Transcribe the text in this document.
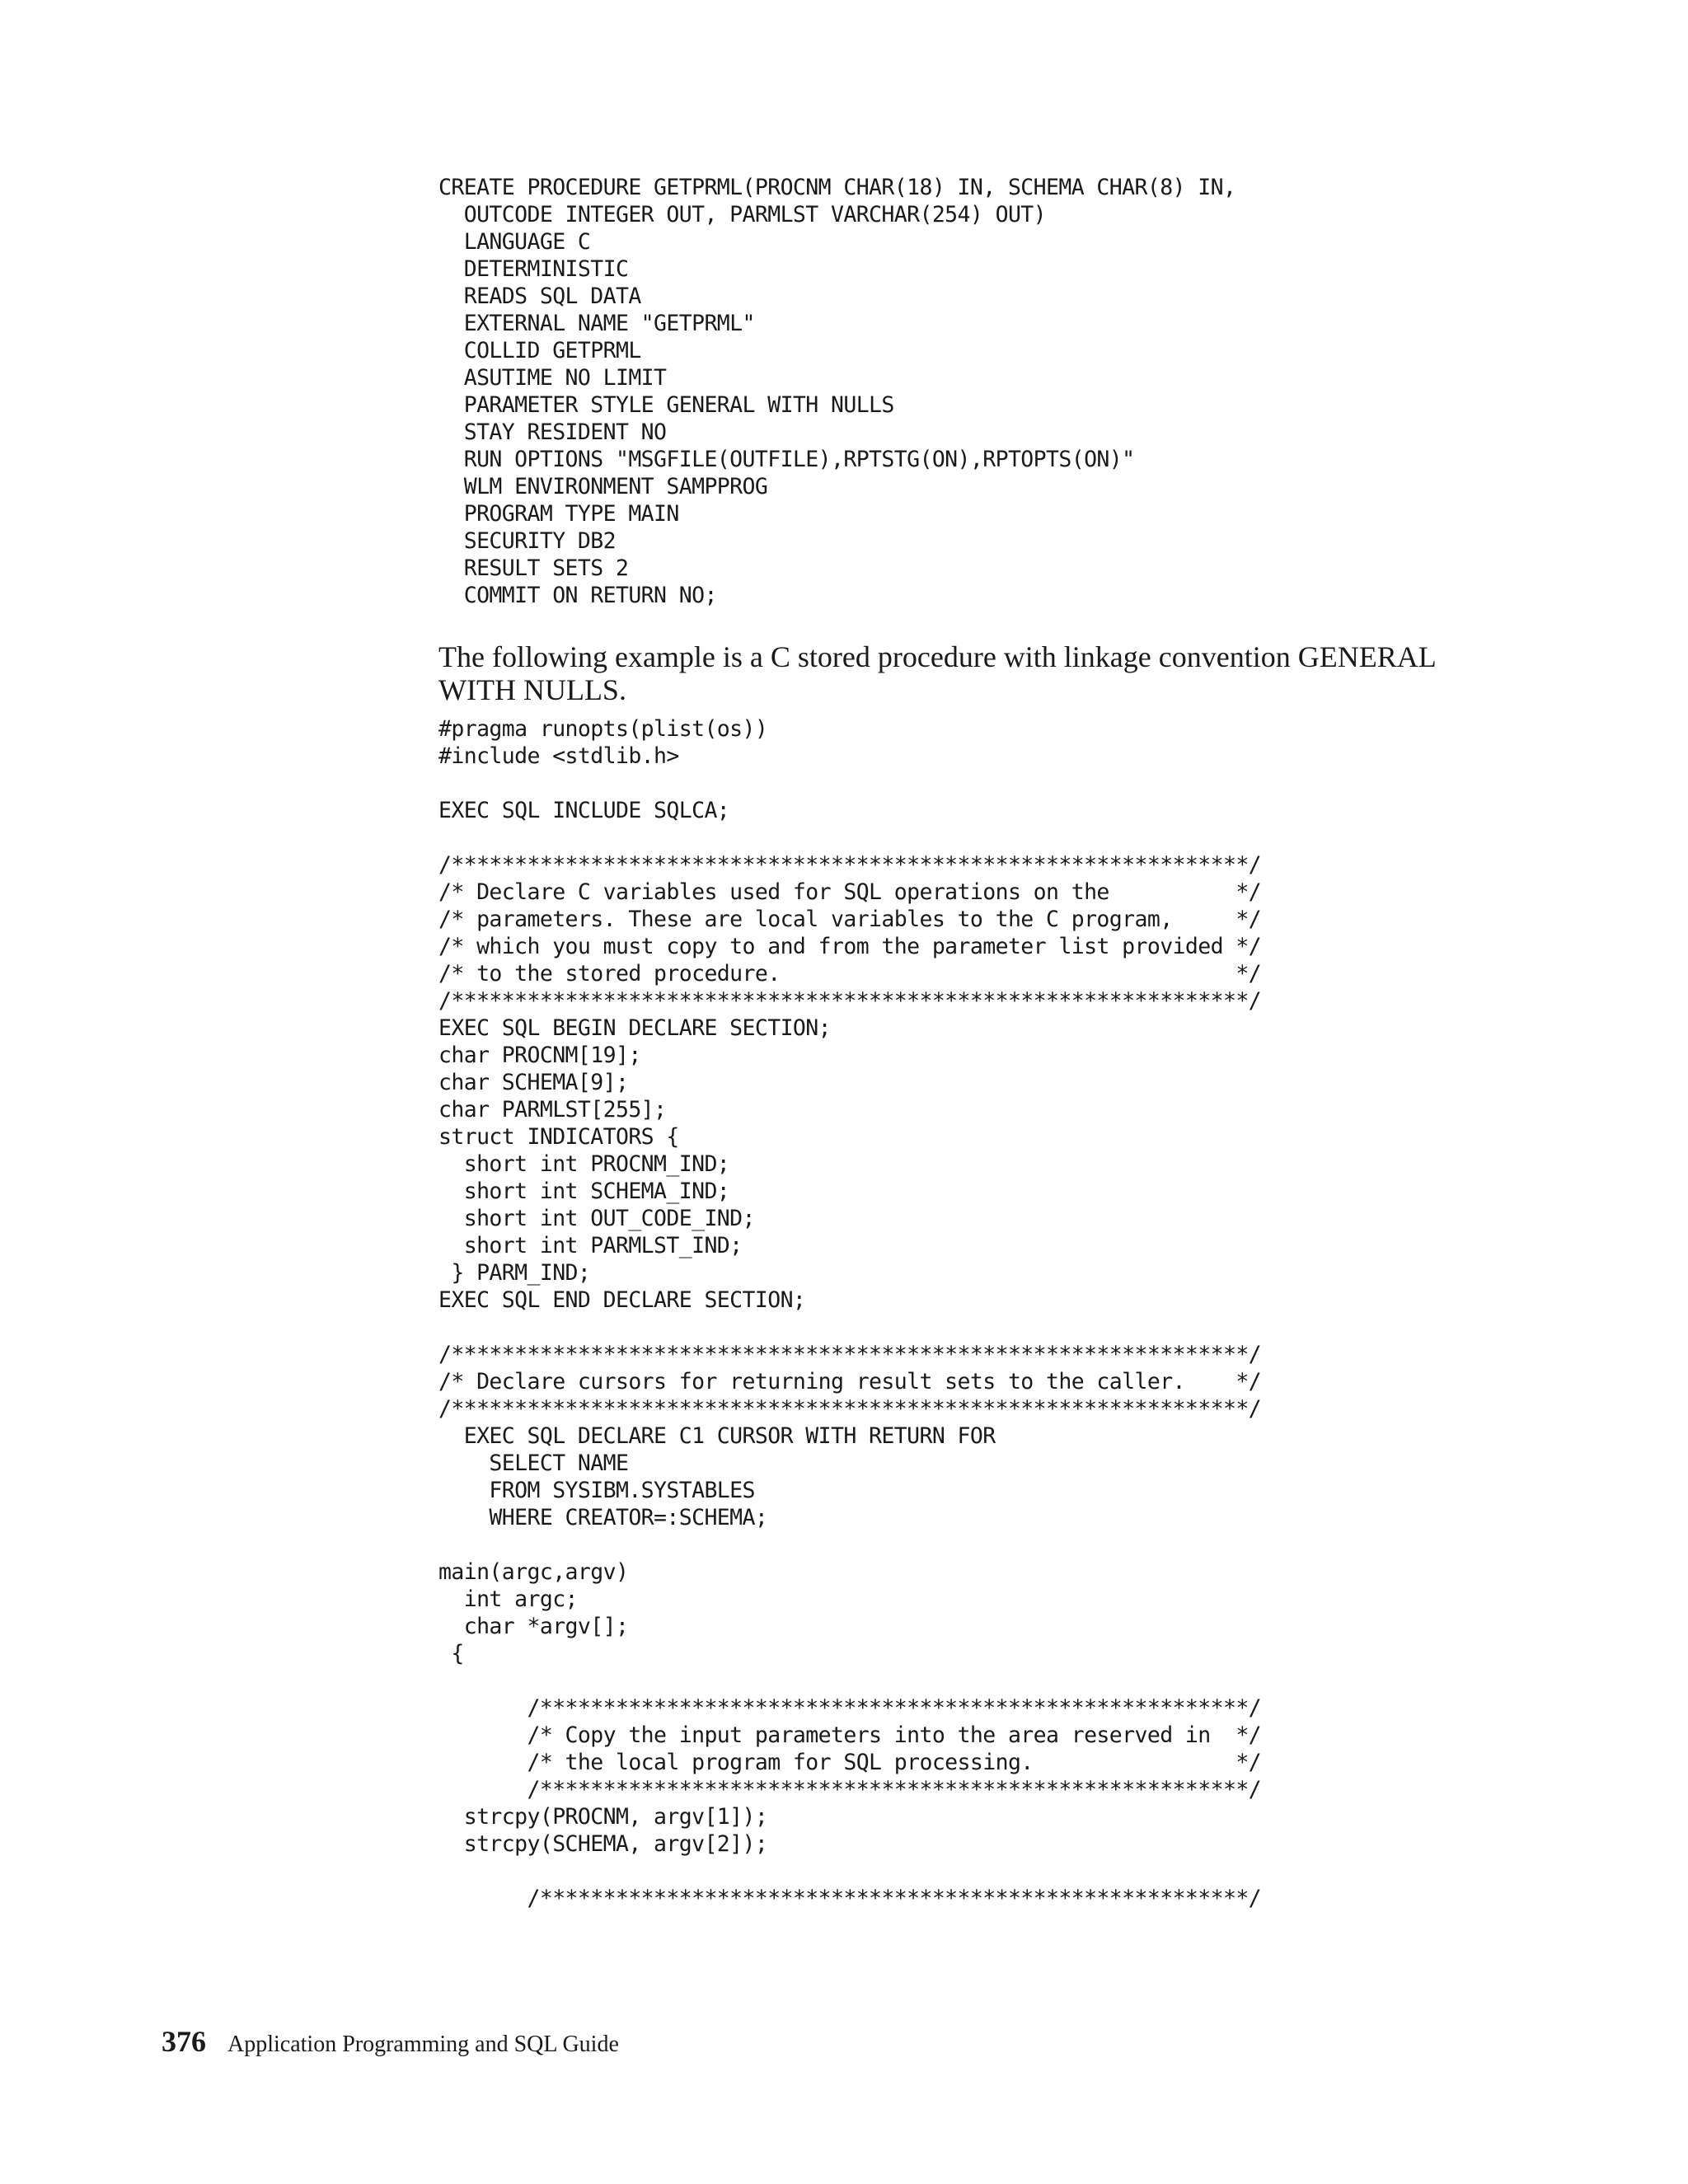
CREATE PROCEDURE GETPRML(PROCNM CHAR(18) IN, SCHEMA CHAR(8) IN,
OUTCODE INTEGER OUT, PARMLST VARCHAR(254) OUT)
LANGUAGE C
DETERMINISTIC
READS SQL DATA
EXTERNAL NAME "GETPRML"
COLLID GETPRML
ASUTIME NO LIMIT
PARAMETER STYLE GENERAL WITH NULLS
STAY RESIDENT NO
RUN OPTIONS "MSGFILE(OUTFILE),RPTSTG(ON),RPTOPTS(ON)"
WLM ENVIRONMENT SAMPPROG
PROGRAM TYPE MAIN
SECURITY DB2
RESULT SETS 2
COMMIT ON RETURN NO;

The following example is a C stored procedure with linkage convention GENERAL WITH NULLS.

#pragma runopts(plist(os))
#include <stdlib.h>

EXEC SQL INCLUDE SQLCA;

/***************************************************************/
/* Declare C variables used for SQL operations on the          */
/* parameters. These are local variables to the C program,     */
/* which you must copy to and from the parameter list provided */
/* to the stored procedure.                                    */
/***************************************************************/
EXEC SQL BEGIN DECLARE SECTION;
char PROCNM[19];
char SCHEMA[9];
char PARMLST[255];
struct INDICATORS {
short int PROCNM_IND;
short int SCHEMA_IND;
short int OUT_CODE_IND;
short int PARMLST_IND;
} PARM_IND;
EXEC SQL END DECLARE SECTION;

/***************************************************************/
/* Declare cursors for returning result sets to the caller.    */
/***************************************************************/
EXEC SQL DECLARE C1 CURSOR WITH RETURN FOR
SELECT NAME
FROM SYSIBM.SYSTABLES
WHERE CREATOR=:SCHEMA;

main(argc,argv)
int argc;
char *argv[];
{

/********************************************************/
/* Copy the input parameters into the area reserved in  */
/* the local program for SQL processing.                */
/********************************************************/
strcpy(PROCNM, argv[1]);
strcpy(SCHEMA, argv[2]);

/********************************************************/
376 Application Programming and SQL Guide
